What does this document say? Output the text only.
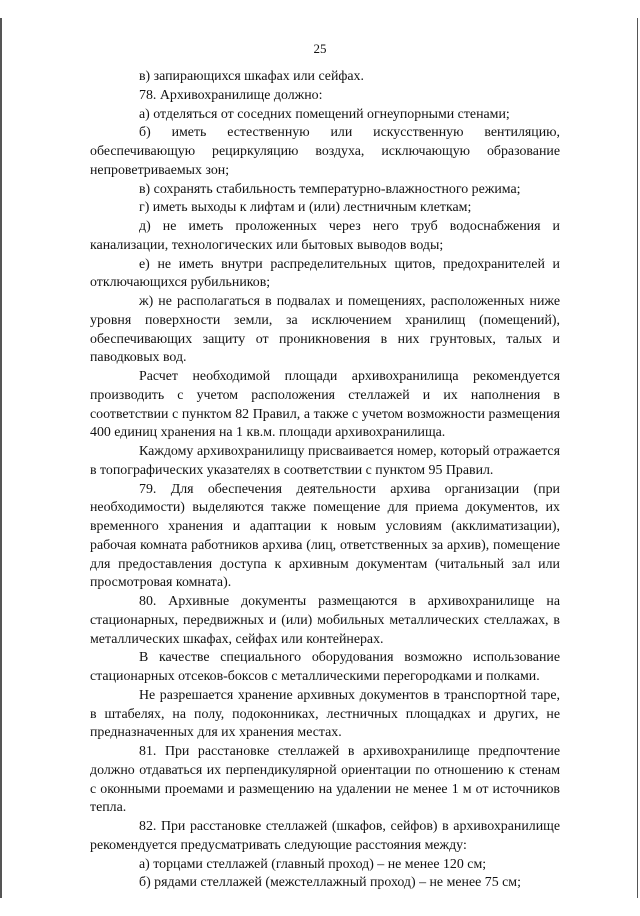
25

в) запирающихся шкафах или сейфах.

78. Архивохранилище должно:

а) отделяться от соседних помещений огнеупорными стенами;

б) иметь естественную или искусственную вентиляцию, обеспечивающую рециркуляцию воздуха, исключающую образование непроветриваемых зон;

в) сохранять стабильность температурно-влажностного режима;

г) иметь выходы к лифтам и (или) лестничным клеткам;

д) не иметь проложенных через него труб водоснабжения и канализации, технологических или бытовых выводов воды;

е) не иметь внутри распределительных щитов, предохранителей и отключающихся рубильников;

ж) не располагаться в подвалах и помещениях, расположенных ниже уровня поверхности земли, за исключением хранилищ (помещений), обеспечивающих защиту от проникновения в них грунтовых, талых и паводковых вод.

Расчет необходимой площади архивохранилища рекомендуется производить с учетом расположения стеллажей и их наполнения в соответствии с пунктом 82 Правил, а также с учетом возможности размещения 400 единиц хранения на 1 кв.м. площади архивохранилища.

Каждому архивохранилищу присваивается номер, который отражается в топографических указателях в соответствии с пунктом 95 Правил.

79. Для обеспечения деятельности архива организации (при необходимости) выделяются также помещение для приема документов, их временного хранения и адаптации к новым условиям (акклиматизации), рабочая комната работников архива (лиц, ответственных за архив), помещение для предоставления доступа к архивным документам (читальный зал или просмотровая комната).

80. Архивные документы размещаются в архивохранилище на стационарных, передвижных и (или) мобильных металлических стеллажах, в металлических шкафах, сейфах или контейнерах.

В качестве специального оборудования возможно использование стационарных отсеков-боксов с металлическими перегородками и полками.

Не разрешается хранение архивных документов в транспортной таре, в штабелях, на полу, подоконниках, лестничных площадках и других, не предназначенных для их хранения местах.

81. При расстановке стеллажей в архивохранилище предпочтение должно отдаваться их перпендикулярной ориентации по отношению к стенам с оконными проемами и размещению на удалении не менее 1 м от источников тепла.

82. При расстановке стеллажей (шкафов, сейфов) в архивохранилище рекомендуется предусматривать следующие расстояния между:

а) торцами стеллажей (главный проход) – не менее 120 см;

б) рядами стеллажей (межстеллажный проход) – не менее 75 см;
